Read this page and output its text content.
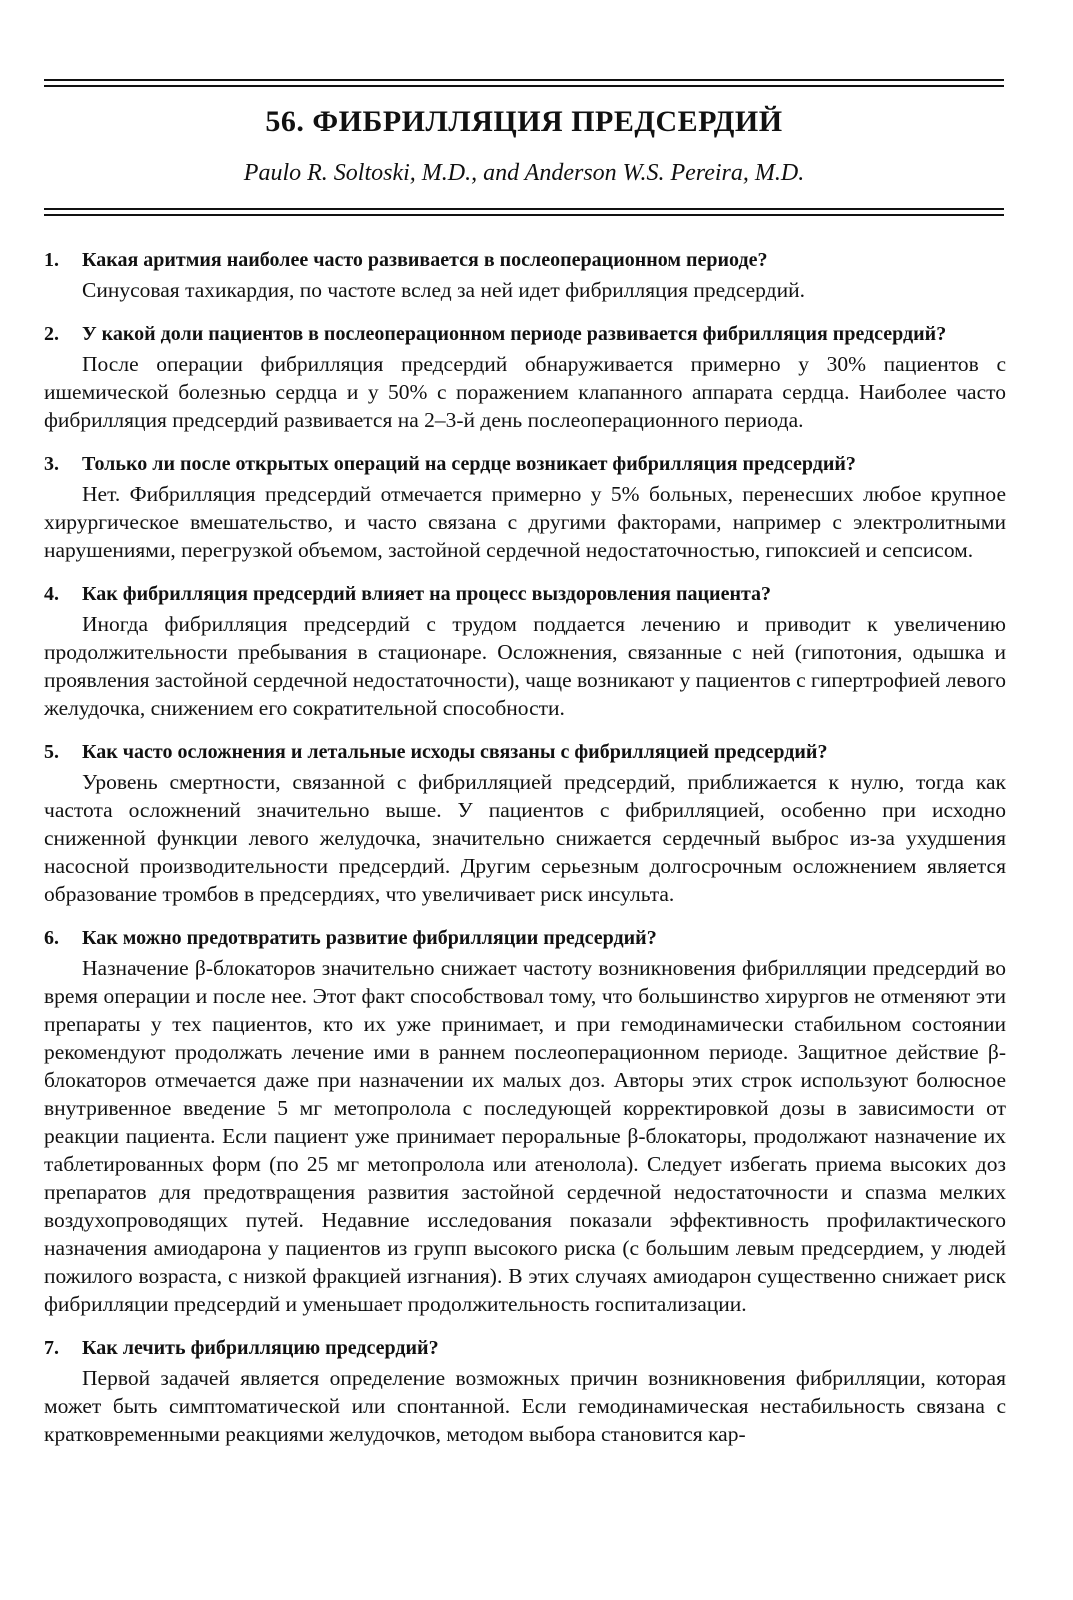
56. ФИБРИЛЛЯЦИЯ ПРЕДСЕРДИЙ
Paulo R. Soltoski, M.D., and Anderson W.S. Pereira, M.D.

1. Какая аритмия наиболее часто развивается в послеоперационном периоде?

Синусовая тахикардия, по частоте вслед за ней идет фибрилляция предсердий.

2. У какой доли пациентов в послеоперационном периоде развивается фибрилляция предсердий?

После операции фибрилляция предсердий обнаруживается примерно у 30% пациентов с ишемической болезнью сердца и у 50% с поражением клапанного аппарата сердца. Наиболее часто фибрилляция предсердий развивается на 2–3-й день послеоперационного периода.

3. Только ли после открытых операций на сердце возникает фибрилляция предсердий?

Нет. Фибрилляция предсердий отмечается примерно у 5% больных, перенесших любое крупное хирургическое вмешательство, и часто связана с другими факторами, например с электролитными нарушениями, перегрузкой объемом, застойной сердечной недостаточностью, гипоксией и сепсисом.

4. Как фибрилляция предсердий влияет на процесс выздоровления пациента?

Иногда фибрилляция предсердий с трудом поддается лечению и приводит к увеличению продолжительности пребывания в стационаре. Осложнения, связанные с ней (гипотония, одышка и проявления застойной сердечной недостаточности), чаще возникают у пациентов с гипертрофией левого желудочка, снижением его сократительной способности.

5. Как часто осложнения и летальные исходы связаны с фибрилляцией предсердий?

Уровень смертности, связанной с фибрилляцией предсердий, приближается к нулю, тогда как частота осложнений значительно выше. У пациентов с фибрилляцией, особенно при исходно сниженной функции левого желудочка, значительно снижается сердечный выброс из-за ухудшения насосной производительности предсердий. Другим серьезным долгосрочным осложнением является образование тромбов в предсердиях, что увеличивает риск инсульта.

6. Как можно предотвратить развитие фибрилляции предсердий?

Назначение β-блокаторов значительно снижает частоту возникновения фибрилляции предсердий во время операции и после нее. Этот факт способствовал тому, что большинство хирургов не отменяют эти препараты у тех пациентов, кто их уже принимает, и при гемодинамически стабильном состоянии рекомендуют продолжать лечение ими в раннем послеоперационном периоде. Защитное действие β-блокаторов отмечается даже при назначении их малых доз. Авторы этих строк используют болюсное внутривенное введение 5 мг метопролола с последующей корректировкой дозы в зависимости от реакции пациента. Если пациент уже принимает пероральные β-блокаторы, продолжают назначение их таблетированных форм (по 25 мг метопролола или атенолола). Следует избегать приема высоких доз препаратов для предотвращения развития застойной сердечной недостаточности и спазма мелких воздухопроводящих путей. Недавние исследования показали эффективность профилактического назначения амиодарона у пациентов из групп высокого риска (с большим левым предсердием, у людей пожилого возраста, с низкой фракцией изгнания). В этих случаях амиодарон существенно снижает риск фибрилляции предсердий и уменьшает продолжительность госпитализации.

7. Как лечить фибрилляцию предсердий?

Первой задачей является определение возможных причин возникновения фибрилляции, которая может быть симптоматической или спонтанной. Если гемодинамическая нестабильность связана с кратковременными реакциями желудочков, методом выбора становится кар-
